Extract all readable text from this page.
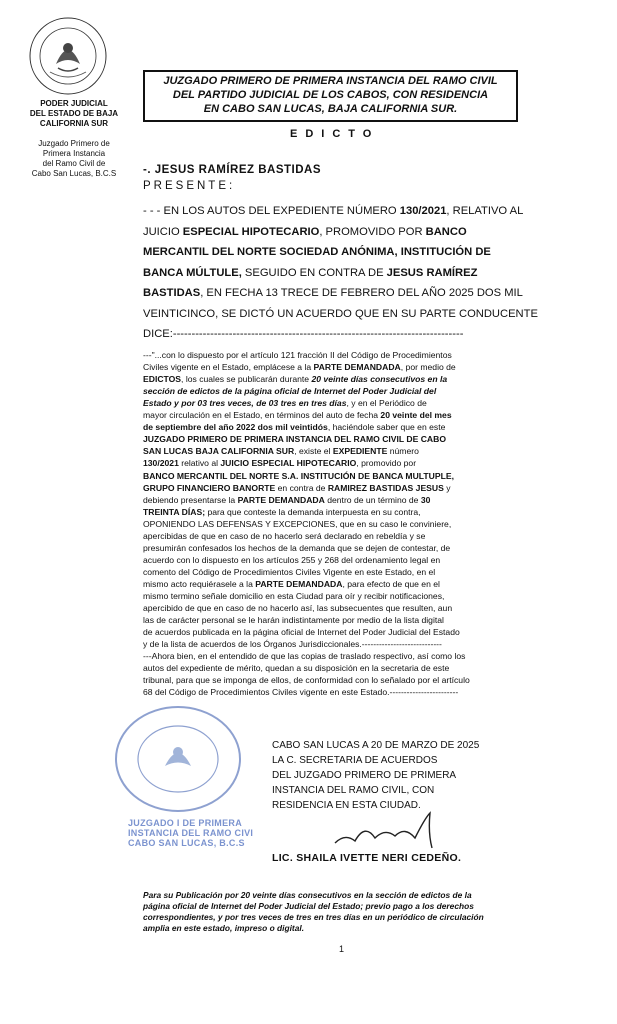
PODER JUDICIAL
DEL ESTADO DE BAJA
CALIFORNIA SUR
Juzgado Primero de
Primera Instancia
del Ramo Civil de
Cabo San Lucas, B.C.S
JUZGADO PRIMERO DE PRIMERA INSTANCIA DEL RAMO CIVIL
DEL PARTIDO JUDICIAL DE LOS CABOS, CON RESIDENCIA
EN CABO SAN LUCAS, BAJA CALIFORNIA SUR.
EDICTO
-. JESUS RAMÍREZ BASTIDAS
PRESENTE:
- - - EN LOS AUTOS DEL EXPEDIENTE NÚMERO 130/2021, RELATIVO AL
JUICIO ESPECIAL HIPOTECARIO, PROMOVIDO POR BANCO
MERCANTIL DEL NORTE SOCIEDAD ANÓNIMA, INSTITUCIÓN DE
BANCA MÚLTULE, SEGUIDO EN CONTRA DE JESUS RAMÍREZ
BASTIDAS, EN FECHA 13 TRECE DE FEBRERO DEL AÑO 2025 DOS MIL
VEINTICINCO, SE DICTÓ UN ACUERDO QUE EN SU PARTE CONDUCENTE
DICE:------------------------------------------------------------------------------
---"...con lo dispuesto por el artículo 121 fracción II del Código de Procedimientos
Civiles vigente en el Estado, emplácese a la PARTE DEMANDADA, por medio de
EDICTOS, los cuales se publicarán durante 20 veinte días consecutivos en la
sección de edictos de la página oficial de Internet del Poder Judicial del
Estado y por 03 tres veces, de 03 tres en tres días, y en el Periódico de
mayor circulación en el Estado, en términos del auto de fecha 20 veinte del mes
de septiembre del año 2022 dos mil veintidós, haciéndole saber que en este
JUZGADO PRIMERO DE PRIMERA INSTANCIA DEL RAMO CIVIL DE CABO
SAN LUCAS BAJA CALIFORNIA SUR, existe el EXPEDIENTE número
130/2021 relativo al JUICIO ESPECIAL HIPOTECARIO, promovido por
BANCO MERCANTIL DEL NORTE S.A. INSTITUCIÓN DE BANCA MULTUPLE,
GRUPO FINANCIERO BANORTE en contra de RAMIREZ BASTIDAS JESUS y
debiendo presentarse la PARTE DEMANDADA dentro de un término de 30
TREINTA DÍAS; para que conteste la demanda interpuesta en su contra,
OPONIENDO LAS DEFENSAS Y EXCEPCIONES, que en su caso le conviniere,
apercibidas de que en caso de no hacerlo será declarado en rebeldía y se
presumirán confesados los hechos de la demanda que se dejen de contestar, de
acuerdo con lo dispuesto en los artículos 255 y 268 del ordenamiento legal en
comento del Código de Procedimientos Civiles Vigente en este Estado, en el
mismo acto requiérasele a la PARTE DEMANDADA, para efecto de que en el
mismo termino señale domicilio en esta Ciudad para oír y recibir notificaciones,
apercibido de que en caso de no hacerlo así, las subsecuentes que resulten, aun
las de carácter personal se le harán indistintamente por medio de la lista digital
de acuerdos publicada en la página oficial de Internet del Poder Judicial del Estado
y de la lista de acuerdos de los Órganos Jurisdiccionales.----------------------------
---Ahora bien, en el entendido de que las copias de traslado respectivo, así como los
autos del expediente de mérito, quedan a su disposición en la secretaria de este
tribunal, para que se imponga de ellos, de conformidad con lo señalado por el artículo
68 del Código de Procedimientos Civiles vigente en este Estado.------------------------
JUZGADO I DE PRIMERA
INSTANCIA DEL RAMO CIVI
CABO SAN LUCAS, B.C.S
CABO SAN LUCAS A 20 DE MARZO DE 2025
LA C. SECRETARIA DE ACUERDOS
DEL JUZGADO PRIMERO DE PRIMERA
INSTANCIA DEL RAMO CIVIL, CON
RESIDENCIA EN ESTA CIUDAD.
LIC. SHAILA IVETTE NERI CEDEÑO.
Para su Publicación por 20 veinte días consecutivos en la sección de edictos de la
página oficial de Internet del Poder Judicial del Estado; previo pago a los derechos
correspondientes, y por tres veces de tres en tres días en un periódico de circulación
amplia en este estado, impreso o digital.
1
